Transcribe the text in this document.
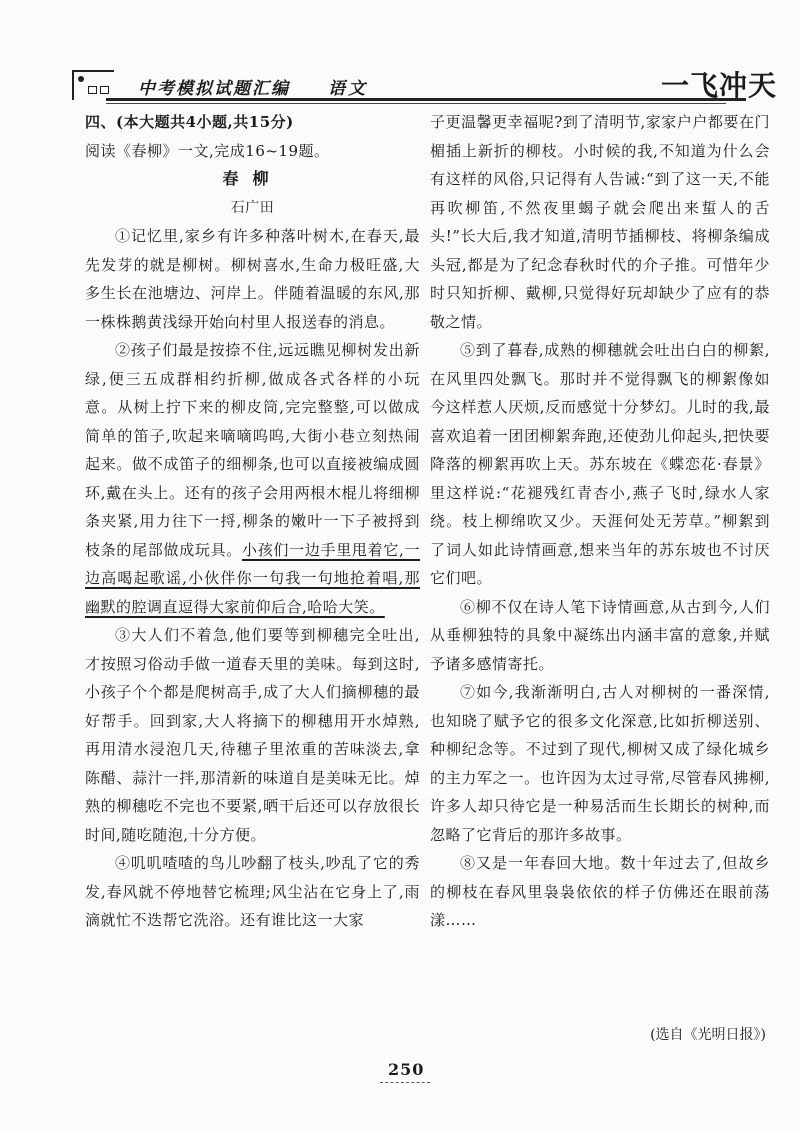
中考模拟试题汇编 语文	一飞冲天

四、(本大题共4小题,共15分)

阅读《春柳》一文,完成16~19题。

春柳

石广田

①记忆里,家乡有许多种落叶树木,在春天,最先发芽的就是柳树。柳树喜水,生命力极旺盛,大多生长在池塘边、河岸上。伴随着温暖的东风,那一株株鹅黄浅绿开始向村里人报送春的消息。

②孩子们最是按捺不住,远远瞧见柳树发出新绿,便三五成群相约折柳,做成各式各样的小玩意。从树上拧下来的柳皮筒,完完整整,可以做成简单的笛子,吹起来嘀嘀呜呜,大街小巷立刻热闹起来。做不成笛子的细柳条,也可以直接被编成圆环,戴在头上。还有的孩子会用两根木棍儿将细柳条夹紧,用力往下一捋,柳条的嫩叶一下子被捋到枝条的尾部做成玩具。小孩们一边手里甩着它,一边高喝起歌谣,小伙伴你一句我一句地抢着唱,那幽默的腔调直逗得大家前仰后合,哈哈大笑。

③大人们不着急,他们要等到柳穗完全吐出,才按照习俗动手做一道春天里的美味。每到这时,小孩子个个都是爬树高手,成了大人们摘柳穗的最好帮手。回到家,大人将摘下的柳穗用开水焯熟,再用清水浸泡几天,待穗子里浓重的苦味淡去,拿陈醋、蒜汁一拌,那清新的味道自是美味无比。焯熟的柳穗吃不完也不要紧,晒干后还可以存放很长时间,随吃随泡,十分方便。

④叽叽喳喳的鸟儿吵翻了枝头,吵乱了它的秀发,春风就不停地替它梳理;风尘沾在它身上了,雨滴就忙不迭帮它洗浴。还有谁比这一大家

子更温馨更幸福呢?到了清明节,家家户户都要在门楣插上新折的柳枝。小时候的我,不知道为什么会有这样的风俗,只记得有人告诫:“到了这一天,不能再吹柳笛,不然夜里蝎子就会爬出来蜇人的舌头!”长大后,我才知道,清明节插柳枝、将柳条编成头冠,都是为了纪念春秋时代的介子推。可惜年少时只知折柳、戴柳,只觉得好玩却缺少了应有的恭敬之情。

⑤到了暮春,成熟的柳穗就会吐出白白的柳絮,在风里四处飘飞。那时并不觉得飘飞的柳絮像如今这样惹人厌烦,反而感觉十分梦幻。儿时的我,最喜欢追着一团团柳絮奔跑,还使劲儿仰起头,把快要降落的柳絮再吹上天。苏东坡在《蝶恋花·春景》里这样说:“花褪残红青杏小,燕子飞时,绿水人家绕。枝上柳绵吹又少。天涯何处无芳草。”柳絮到了词人如此诗情画意,想来当年的苏东坡也不讨厌它们吧。

⑥柳不仅在诗人笔下诗情画意,从古到今,人们从垂柳独特的具象中凝练出内涵丰富的意象,并赋予诸多感情寄托。

⑦如今,我渐渐明白,古人对柳树的一番深情,也知晓了赋予它的很多文化深意,比如折柳送别、种柳纪念等。不过到了现代,柳树又成了绿化城乡的主力军之一。也许因为太过寻常,尽管春风拂柳,许多人却只待它是一种易活而生长期长的树种,而忽略了它背后的那许多故事。

⑧又是一年春回大地。数十年过去了,但故乡的柳枝在春风里袅袅依依的样子仿佛还在眼前荡漾……

(选自《光明日报》)
250
